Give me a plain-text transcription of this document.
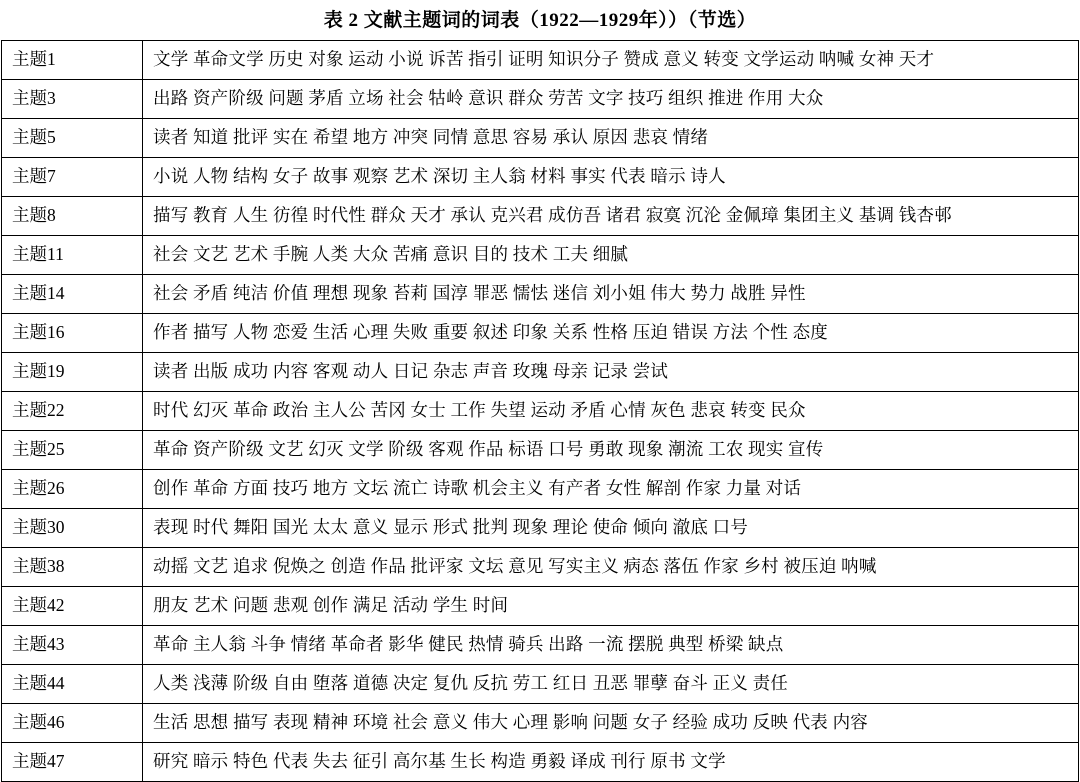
表 2 文献主题词的词表（1922—1929年））（节选）
主题1	文学 革命文学 历史 对象 运动 小说 诉苦 指引 证明 知识分子 赞成 意义 转变 文学运动 呐喊 女神 天才
主题3	出路 资产阶级 问题 茅盾 立场 社会 牯岭 意识 群众 劳苦 文字 技巧 组织 推进 作用 大众
主题5	读者 知道 批评 实在 希望 地方 冲突 同情 意思 容易 承认 原因 悲哀 情绪
主题7	小说 人物 结构 女子 故事 观察 艺术 深切 主人翁 材料 事实 代表 暗示 诗人
主题8	描写 教育 人生 彷徨 时代性 群众 天才 承认 克兴君 成仿吾 诸君 寂寞 沉沦 金佩璋 集团主义 基调 钱杏邨
主题11	社会 文艺 艺术 手腕 人类 大众 苦痛 意识 目的 技术 工夫 细腻
主题14	社会 矛盾 纯洁 价值 理想 现象 苔莉 国淳 罪恶 懦怯 迷信 刘小姐 伟大 势力 战胜 异性
主题16	作者 描写 人物 恋爱 生活 心理 失败 重要 叙述 印象 关系 性格 压迫 错误 方法 个性 态度
主题19	读者 出版 成功 内容 客观 动人 日记 杂志 声音 玫瑰 母亲 记录 尝试
主题22	时代 幻灭 革命 政治 主人公 苦冈 女士 工作 失望 运动 矛盾 心情 灰色 悲哀 转变 民众
主题25	革命 资产阶级 文艺 幻灭 文学 阶级 客观 作品 标语 口号 勇敢 现象 潮流 工农 现实 宣传
主题26	创作 革命 方面 技巧 地方 文坛 流亡 诗歌 机会主义 有产者 女性 解剖 作家 力量 对话
主题30	表现 时代 舞阳 国光 太太 意义 显示 形式 批判 现象 理论 使命 倾向 澈底 口号
主题38	动摇 文艺 追求 倪焕之 创造 作品 批评家 文坛 意见 写实主义 病态 落伍 作家 乡村 被压迫 呐喊
主题42	朋友 艺术 问题 悲观 创作 满足 活动 学生 时间
主题43	革命 主人翁 斗争 情绪 革命者 影华 健民 热情 骑兵 出路 一流 摆脱 典型 桥梁 缺点
主题44	人类 浅薄 阶级 自由 堕落 道德 决定 复仇 反抗 劳工 红日 丑恶 罪孽 奋斗 正义 责任
主题46	生活 思想 描写 表现 精神 环境 社会 意义 伟大 心理 影响 问题 女子 经验 成功 反映 代表 内容
主题47	研究 暗示 特色 代表 失去 征引 高尔基 生长 构造 勇毅 译成 刊行 原书 文学
